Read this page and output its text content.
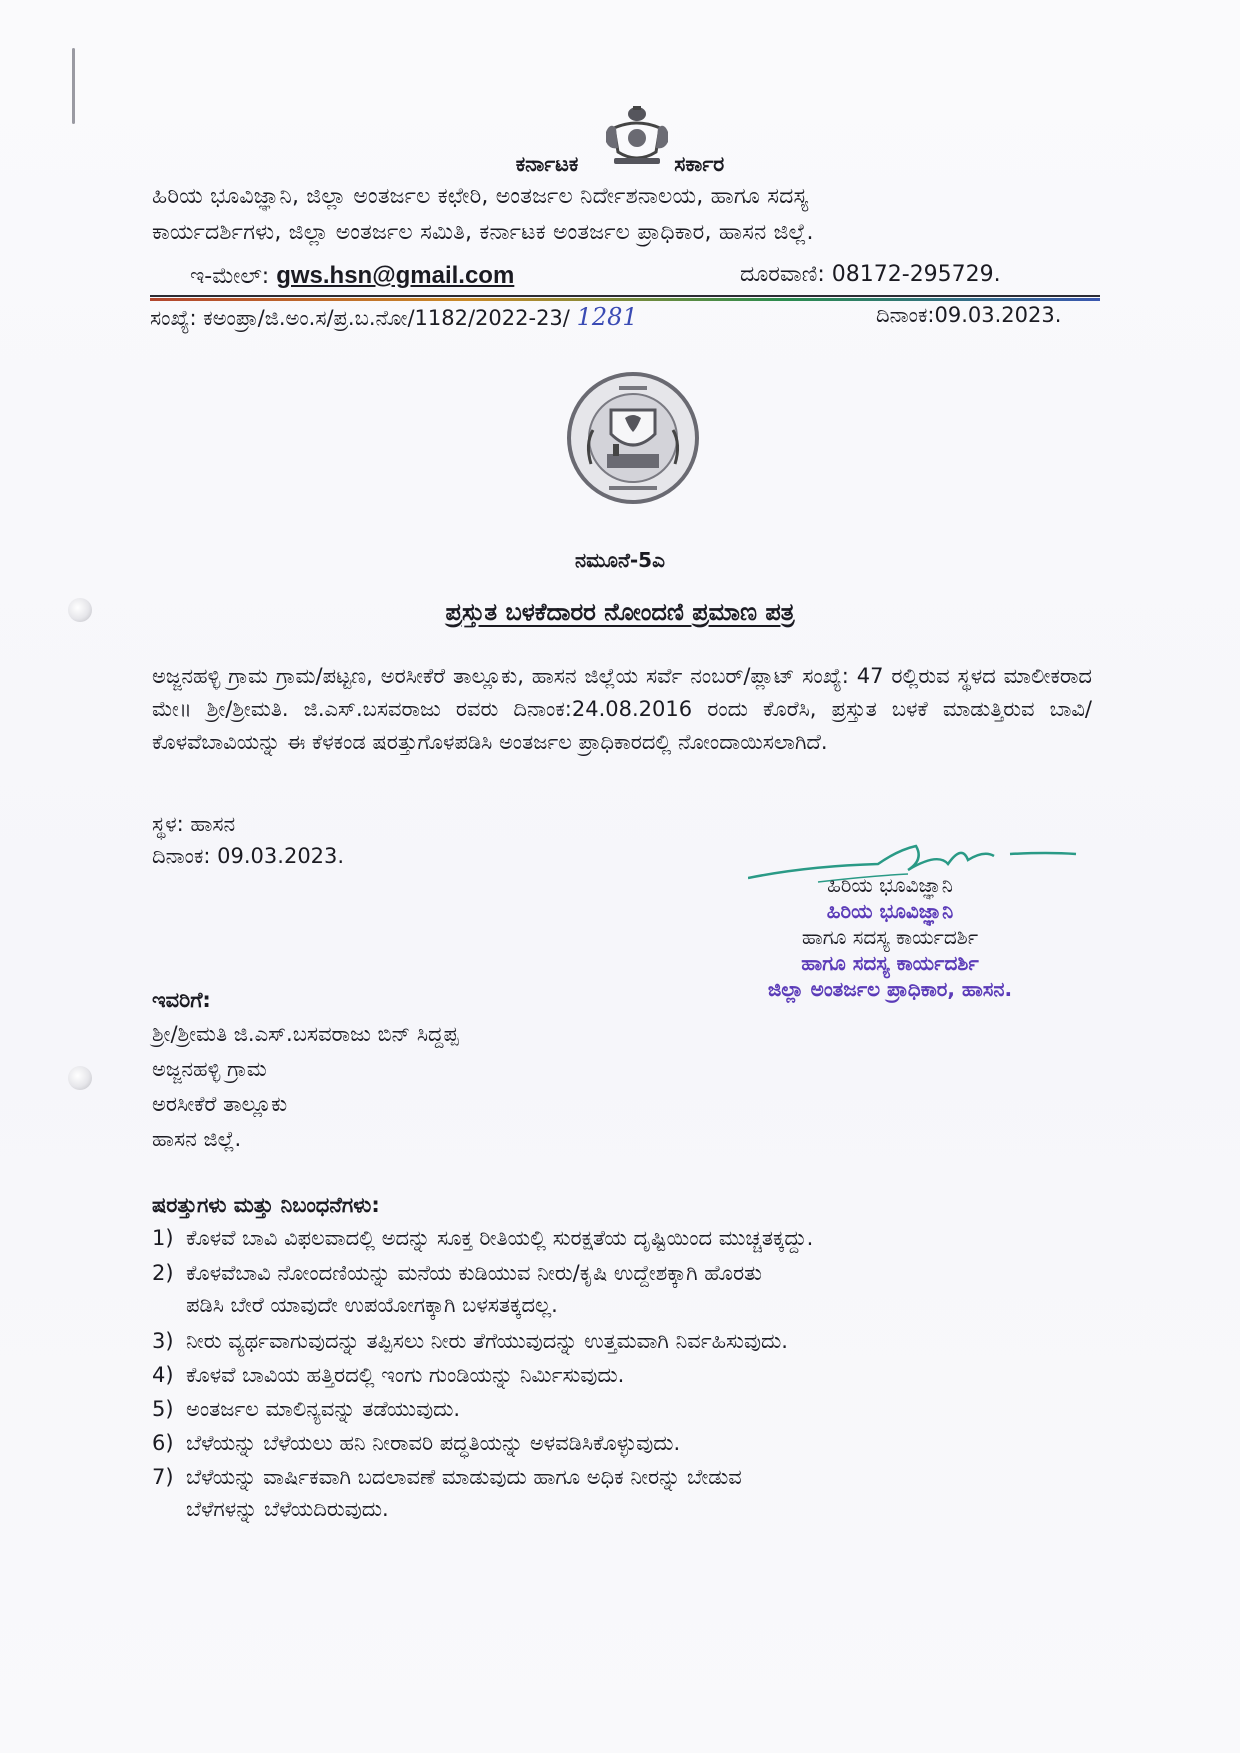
ಕರ್ನಾಟಕ	ಸರ್ಕಾರ
ಹಿರಿಯ ಭೂವಿಜ್ಞಾನಿ, ಜಿಲ್ಲಾ ಅಂತರ್ಜಲ ಕಛೇರಿ, ಅಂತರ್ಜಲ ನಿರ್ದೇಶನಾಲಯ, ಹಾಗೂ ಸದಸ್ಯ
ಕಾರ್ಯದರ್ಶಿಗಳು, ಜಿಲ್ಲಾ ಅಂತರ್ಜಲ ಸಮಿತಿ, ಕರ್ನಾಟಕ ಅಂತರ್ಜಲ ಪ್ರಾಧಿಕಾರ, ಹಾಸನ ಜಿಲ್ಲೆ.
ಇ-ಮೇಲ್: gws.hsn@gmail.com	ದೂರವಾಣಿ: 08172-295729.
ಸಂಖ್ಯೆ: ಕಅಂಪ್ರಾ/ಜಿ.ಅಂ.ಸ/ಪ್ರ.ಬ.ನೋ/1182/2022-23/ 1281	ದಿನಾಂಕ:09.03.2023.
ನಮೂನೆ-5ಎ
ಪ್ರಸ್ತುತ ಬಳಕೆದಾರರ ನೋಂದಣಿ ಪ್ರಮಾಣ ಪತ್ರ
ಅಜ್ಜನಹಳ್ಳಿ ಗ್ರಾಮ ಗ್ರಾಮ/ಪಟ್ಟಣ, ಅರಸೀಕೆರೆ ತಾಲ್ಲೂಕು, ಹಾಸನ ಜಿಲ್ಲೆಯ ಸರ್ವೆ ನಂಬರ್/ಪ್ಲಾಟ್ ಸಂಖ್ಯೆ: 47 ರಲ್ಲಿರುವ ಸ್ಥಳದ ಮಾಲೀಕರಾದ ಮೇ॥ ಶ್ರೀ/ಶ್ರೀಮತಿ. ಜಿ.ಎಸ್.ಬಸವರಾಜು ರವರು ದಿನಾಂಕ:24.08.2016 ರಂದು ಕೊರೆಸಿ, ಪ್ರಸ್ತುತ ಬಳಕೆ ಮಾಡುತ್ತಿರುವ ಬಾವಿ/ಕೊಳವೆಬಾವಿಯನ್ನು ಈ ಕೆಳಕಂಡ ಷರತ್ತುಗೊಳಪಡಿಸಿ ಅಂತರ್ಜಲ ಪ್ರಾಧಿಕಾರದಲ್ಲಿ ನೋಂದಾಯಿಸಲಾಗಿದೆ.
ಸ್ಥಳ: ಹಾಸನ
ದಿನಾಂಕ: 09.03.2023.
ಹಿರಿಯ ಭೂವಿಜ್ಞಾನಿ
ಹಿರಿಯ ಭೂವಿಜ್ಞಾನಿ
ಹಾಗೂ ಸದಸ್ಯ ಕಾರ್ಯದರ್ಶಿ
ಹಾಗೂ ಸದಸ್ಯ ಕಾರ್ಯದರ್ಶಿ
ಜಿಲ್ಲಾ ಅಂತರ್ಜಲ ಪ್ರಾಧಿಕಾರ, ಹಾಸನ.
ಇವರಿಗೆ:
ಶ್ರೀ/ಶ್ರೀಮತಿ ಜಿ.ಎಸ್.ಬಸವರಾಜು ಬಿನ್ ಸಿದ್ದಪ್ಪ
ಅಜ್ಜನಹಳ್ಳಿ ಗ್ರಾಮ
ಅರಸೀಕೆರೆ ತಾಲ್ಲೂಕು
ಹಾಸನ ಜಿಲ್ಲೆ.
ಷರತ್ತುಗಳು ಮತ್ತು ನಿಬಂಧನೆಗಳು:
1) ಕೊಳವೆ ಬಾವಿ ವಿಫಲವಾದಲ್ಲಿ ಅದನ್ನು ಸೂಕ್ತ ರೀತಿಯಲ್ಲಿ ಸುರಕ್ಷತೆಯ ದೃಷ್ಟಿಯಿಂದ ಮುಚ್ಚತಕ್ಕದ್ದು.
2) ಕೊಳವೆಬಾವಿ ನೋಂದಣಿಯನ್ನು ಮನೆಯ ಕುಡಿಯುವ ನೀರು/ಕೃಷಿ ಉದ್ದೇಶಕ್ಕಾಗಿ ಹೊರತು
ಪಡಿಸಿ ಬೇರೆ ಯಾವುದೇ ಉಪಯೋಗಕ್ಕಾಗಿ ಬಳಸತಕ್ಕದಲ್ಲ.
3) ನೀರು ವ್ಯರ್ಥವಾಗುವುದನ್ನು ತಪ್ಪಿಸಲು ನೀರು ತೆಗೆಯುವುದನ್ನು ಉತ್ತಮವಾಗಿ ನಿರ್ವಹಿಸುವುದು.
4) ಕೊಳವೆ ಬಾವಿಯ ಹತ್ತಿರದಲ್ಲಿ ಇಂಗು ಗುಂಡಿಯನ್ನು ನಿರ್ಮಿಸುವುದು.
5) ಅಂತರ್ಜಲ ಮಾಲಿನ್ಯವನ್ನು ತಡೆಯುವುದು.
6) ಬೆಳೆಯನ್ನು ಬೆಳೆಯಲು ಹನಿ ನೀರಾವರಿ ಪದ್ಧತಿಯನ್ನು ಅಳವಡಿಸಿಕೊಳ್ಳುವುದು.
7) ಬೆಳೆಯನ್ನು ವಾರ್ಷಿಕವಾಗಿ ಬದಲಾವಣೆ ಮಾಡುವುದು ಹಾಗೂ ಅಧಿಕ ನೀರನ್ನು ಬೇಡುವ
ಬೆಳೆಗಳನ್ನು ಬೆಳೆಯದಿರುವುದು.
